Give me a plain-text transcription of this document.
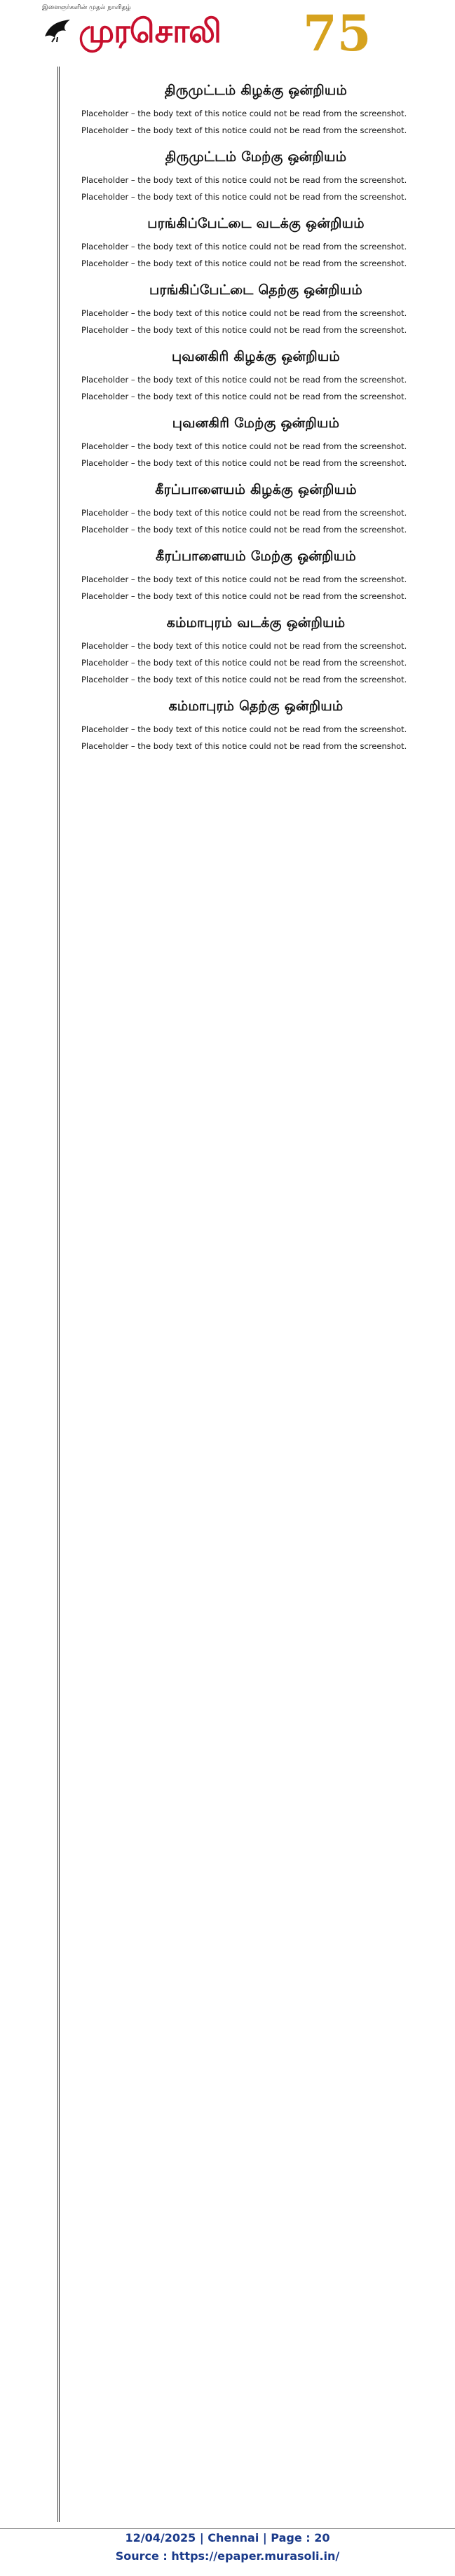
இளைஞர்களின் முதல் நாளிதழ்
முரசொலி 75
திருமுட்டம் கிழக்கு ஒன்றியம்

Placeholder – the body text of this notice could not be read from the screenshot.

Placeholder – the body text of this notice could not be read from the screenshot.

திருமுட்டம் மேற்கு ஒன்றியம்

Placeholder – the body text of this notice could not be read from the screenshot.

Placeholder – the body text of this notice could not be read from the screenshot.

பரங்கிப்பேட்டை வடக்கு ஒன்றியம்

Placeholder – the body text of this notice could not be read from the screenshot.

Placeholder – the body text of this notice could not be read from the screenshot.

பரங்கிப்பேட்டை தெற்கு ஒன்றியம்

Placeholder – the body text of this notice could not be read from the screenshot.

Placeholder – the body text of this notice could not be read from the screenshot.

புவனகிரி கிழக்கு ஒன்றியம்

Placeholder – the body text of this notice could not be read from the screenshot.

Placeholder – the body text of this notice could not be read from the screenshot.

புவனகிரி மேற்கு ஒன்றியம்

Placeholder – the body text of this notice could not be read from the screenshot.

Placeholder – the body text of this notice could not be read from the screenshot.

கீரப்பாளையம் கிழக்கு ஒன்றியம்

Placeholder – the body text of this notice could not be read from the screenshot.

Placeholder – the body text of this notice could not be read from the screenshot.

கீரப்பாளையம் மேற்கு ஒன்றியம்

Placeholder – the body text of this notice could not be read from the screenshot.

Placeholder – the body text of this notice could not be read from the screenshot.

கம்மாபுரம் வடக்கு ஒன்றியம்

Placeholder – the body text of this notice could not be read from the screenshot.

Placeholder – the body text of this notice could not be read from the screenshot.

Placeholder – the body text of this notice could not be read from the screenshot.

கம்மாபுரம் தெற்கு ஒன்றியம்

Placeholder – the body text of this notice could not be read from the screenshot.

Placeholder – the body text of this notice could not be read from the screenshot.

12/04/2025 | Chennai | Page : 20
Source : https://epaper.murasoli.in/
